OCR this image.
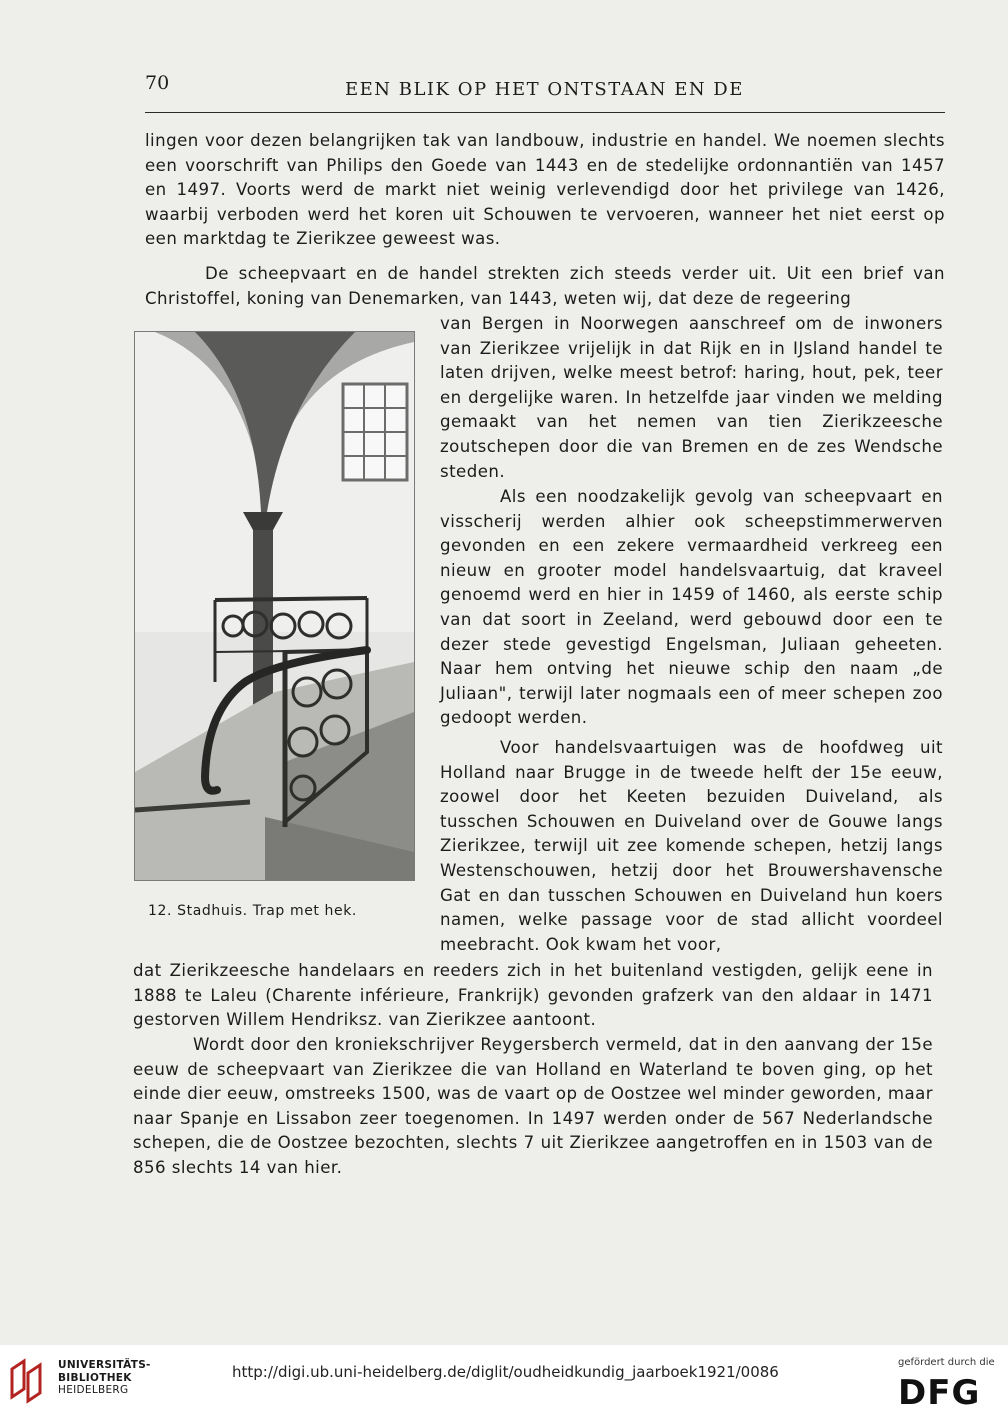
70	EEN BLIK OP HET ONTSTAAN EN DE

lingen voor dezen belangrijken tak van landbouw, industrie en handel. We noemen slechts een voorschrift van Philips den Goede van 1443 en de stedelijke ordonnantiën van 1457 en 1497. Voorts werd de markt niet weinig verlevendigd door het privilege van 1426, waarbij verboden werd het koren uit Schouwen te vervoeren, wanneer het niet eerst op een marktdag te Zierikzee geweest was.

De scheepvaart en de handel strekten zich steeds verder uit. Uit een brief van Christoffel, koning van Denemarken, van 1443, weten wij, dat deze de regeering

van Bergen in Noorwegen aanschreef om de inwoners van Zierikzee vrijelijk in dat Rijk en in IJsland handel te laten drijven, welke meest betrof: haring, hout, pek, teer en dergelijke waren. In hetzelfde jaar vinden we melding gemaakt van het nemen van tien Zierikzeesche zoutschepen door die van Bremen en de zes Wendsche steden.

Als een noodzakelijk gevolg van scheepvaart en visscherij werden alhier ook scheepstimmerwerven gevonden en een zekere vermaardheid verkreeg een nieuw en grooter model handelsvaartuig, dat kraveel genoemd werd en hier in 1459 of 1460, als eerste schip van dat soort in Zeeland, werd gebouwd door een te dezer stede gevestigd Engelsman, Juliaan geheeten. Naar hem ontving het nieuwe schip den naam „de Juliaan", terwijl later nogmaals een of meer schepen zoo gedoopt werden.

Voor handelsvaartuigen was de hoofdweg uit Holland naar Brugge in de tweede helft der 15e eeuw, zoowel door het Keeten bezuiden Duiveland, als tusschen Schouwen en Duiveland over de Gouwe langs Zierikzee, terwijl uit zee komende schepen, hetzij langs Westenschouwen, hetzij door het Brouwershavensche Gat en dan tusschen Schouwen en Duiveland hun koers namen, welke passage voor de stad allicht voordeel meebracht. Ook kwam het voor,

dat Zierikzeesche handelaars en reeders zich in het buitenland vestigden, gelijk eene in 1888 te Laleu (Charente inférieure, Frankrijk) gevonden grafzerk van den aldaar in 1471 gestorven Willem Hendriksz. van Zierikzee aantoont.

Wordt door den kroniekschrijver Reygersberch vermeld, dat in den aanvang der 15e eeuw de scheepvaart van Zierikzee die van Holland en Waterland te boven ging, op het einde dier eeuw, omstreeks 1500, was de vaart op de Oostzee wel minder geworden, maar naar Spanje en Lissabon zeer toegenomen. In 1497 werden onder de 567 Nederlandsche schepen, die de Oostzee bezochten, slechts 7 uit Zierikzee aangetroffen en in 1503 van de 856 slechts 14 van hier.

12. Stadhuis. Trap met hek.
UNIVERSITÄTS-
BIBLIOTHEK
HEIDELBERG
http://digi.ub.uni-heidelberg.de/diglit/oudheidkundig_jaarboek1921/0086
gefördert durch die
DFG
